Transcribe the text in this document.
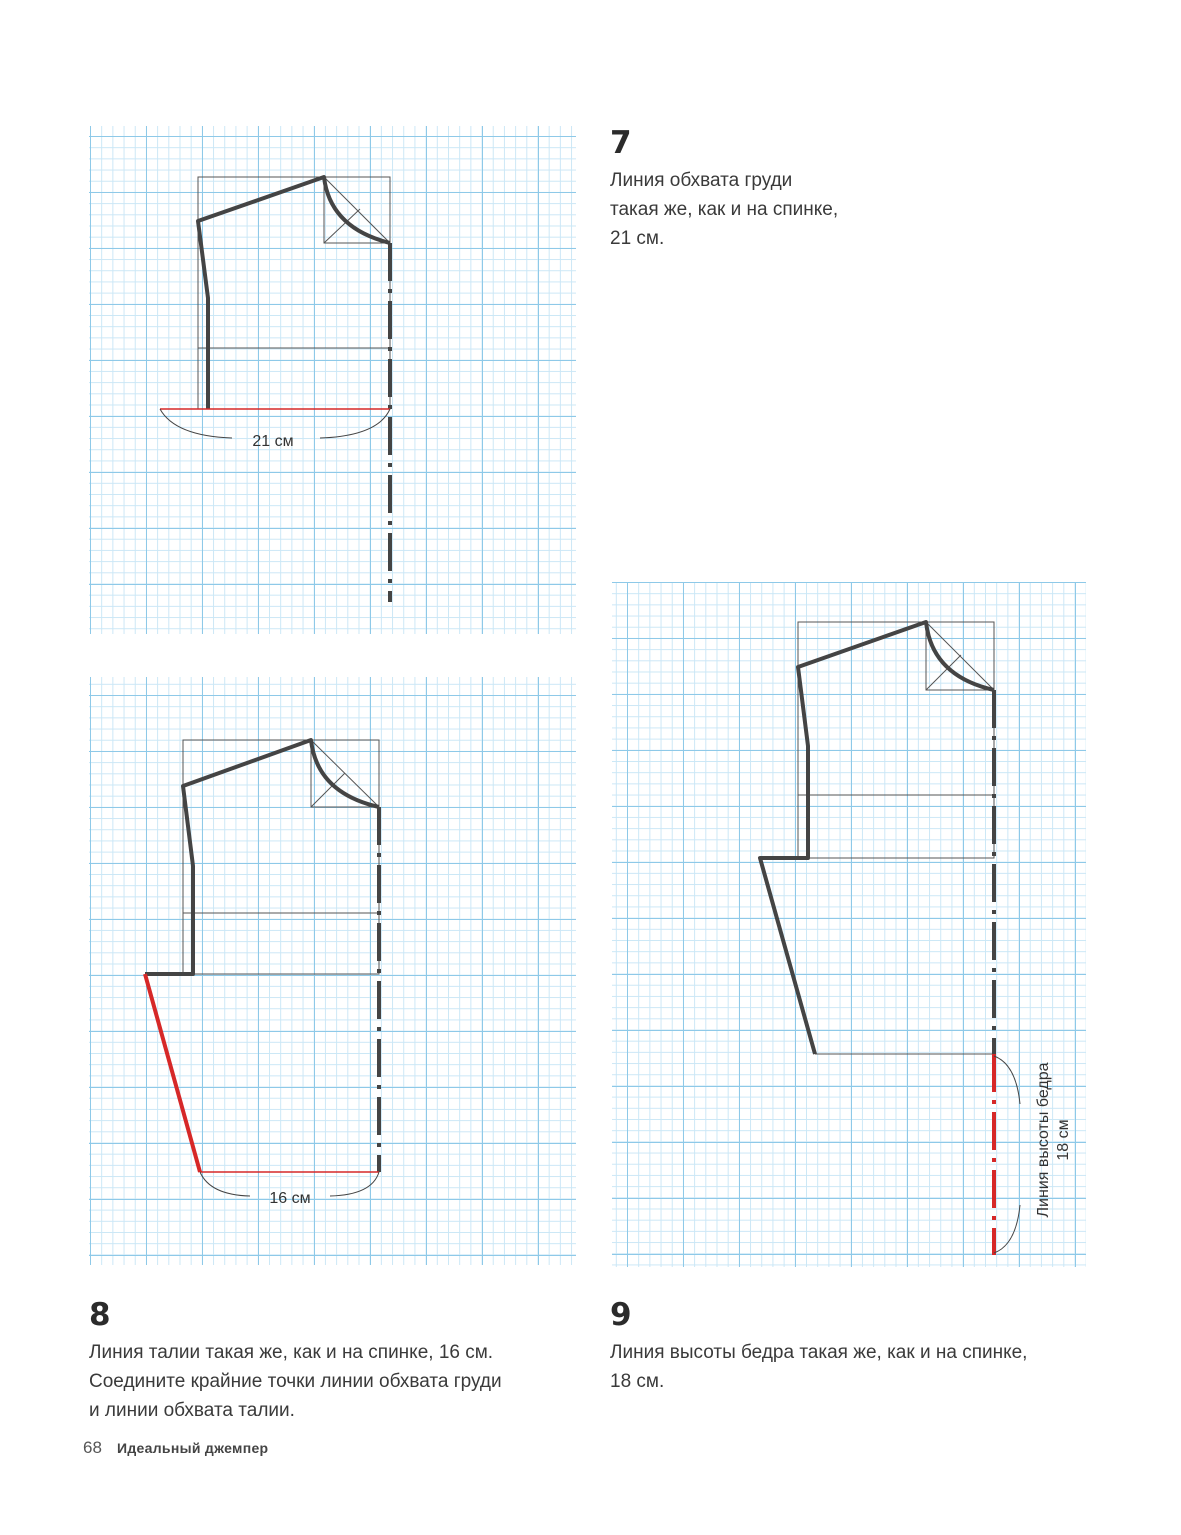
21 см
16 см	Линия высоты бедра 18 см
7

Линия обхвата груди
такая же, как и на спинке,
21 см.

8

Линия талии такая же, как и на спинке, 16 см.
Соедините крайние точки линии обхвата груди
и линии обхвата талии.

9

Линия высоты бедра такая же, как и на спинке,
18 см.

68 Идеальный джемпер
